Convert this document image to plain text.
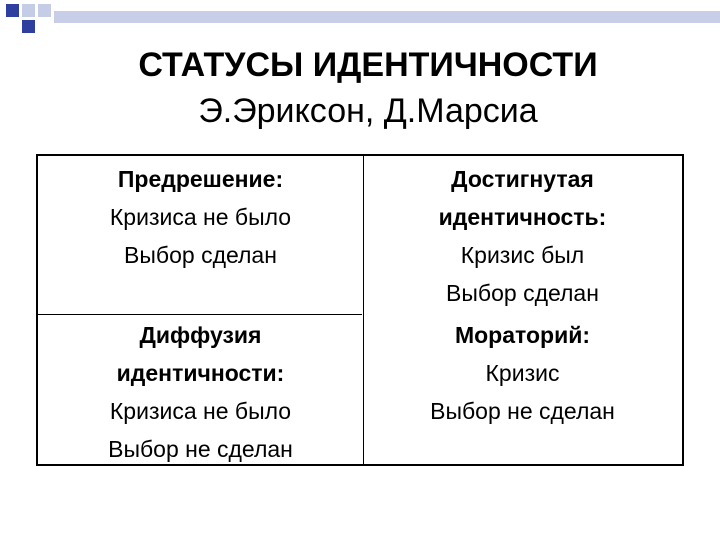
СТАТУСЫ ИДЕНТИЧНОСТИ
Э.Эриксон, Д.Марсиа
Предрешение:
Кризиса не было
Выбор сделан
Достигнутая
идентичность:
Кризис был
Выбор сделан
Диффузия
идентичности:
Кризиса не было
Выбор не сделан
Мораторий:
Кризис
Выбор не сделан
